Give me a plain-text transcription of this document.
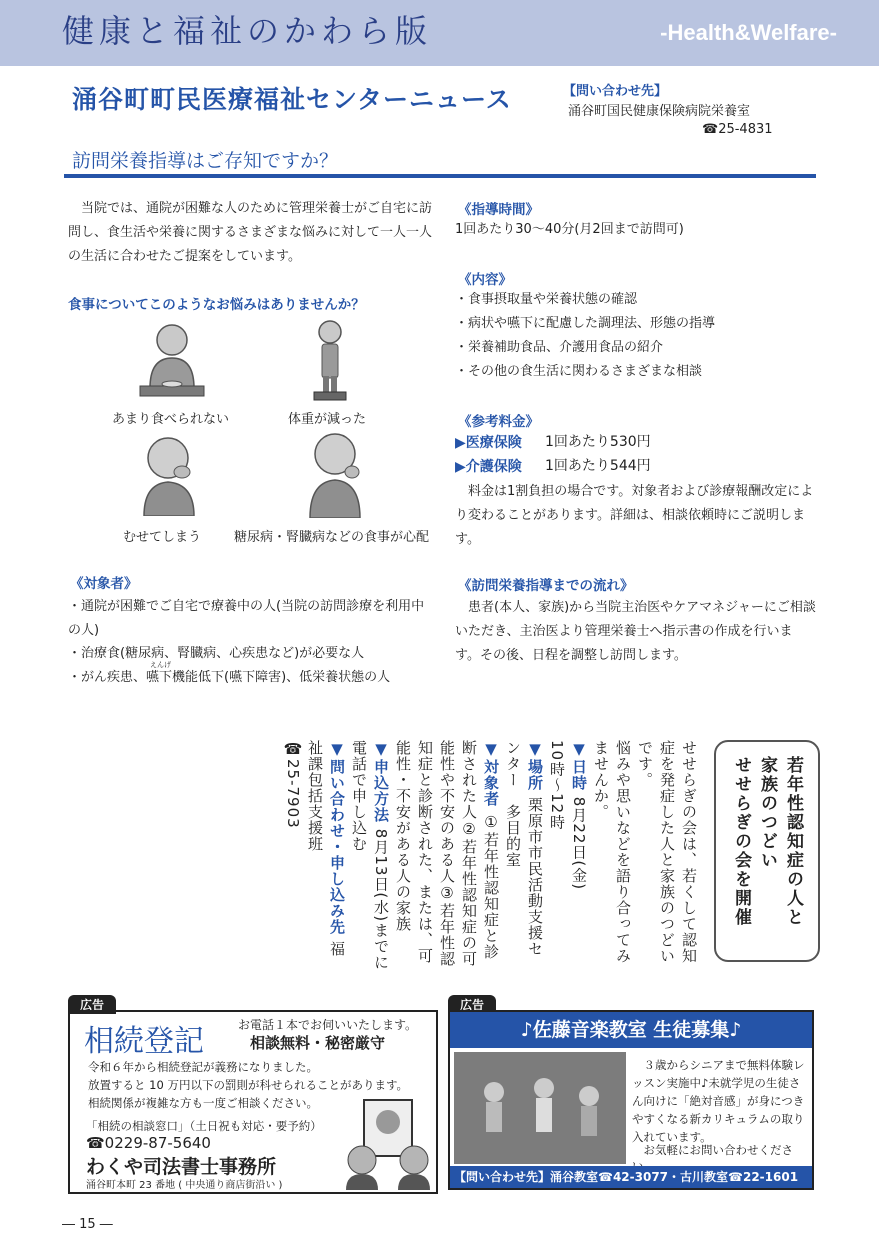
健康と福祉のかわら版	-Health&Welfare-
涌谷町町民医療福祉センターニュース	【問い合わせ先】
涌谷町国民健康保険病院栄養室
☎25-4831
訪問栄養指導はご存知ですか？

　当院では、通院が困難な人のために管理栄養士がご自宅に訪問し、食生活や栄養に関するさまざまな悩みに対して一人一人の生活に合わせたご提案をしています。

食事についてこのようなお悩みはありませんか？
あまり食べられない	体重が減った
むせてしまう	糖尿病・腎臓病などの食事が心配
《対象者》
・通院が困難でご自宅で療養中の人(当院の訪問診療を利用中の人)
・治療食(糖尿病、腎臓病、心疾患など)が必要な人
えんげ
・がん疾患、嚥下機能低下(嚥下障害)、低栄養状態の人
《指導時間》
1回あたり30～40分(月2回まで訪問可)
《内容》
・食事摂取量や栄養状態の確認
・病状や嚥下に配慮した調理法、形態の指導
・栄養補助食品、介護用食品の紹介
・その他の食生活に関わるさまざまな相談
《参考料金》
▶医療保険 1回あたり530円
▶介護保険 1回あたり544円

　料金は1割負担の場合です。対象者および診療報酬改定により変わることがあります。詳細は、相談依頼時にご説明します。

《訪問栄養指導までの流れ》

　患者(本人、家族)から当院主治医やケアマネジャーにご相談いただき、主治医より管理栄養士へ指示書の作成を行います。その後、日程を調整し訪問します。

若年性認知症の人と
家族のつどい
せせらぎの会を開催
せせらぎの会は、若くして認知症を発症した人と家族のつどいです。
悩みや思いなどを語り合ってみませんか。
▼日時 8月22日(金)
10時～12時
▼場所 栗原市市民活動支援センター　多目的室
▼対象者 ①若年性認知症と診断された人②若年性認知症の可能性や不安のある人③若年性認知症と診断された、または、可能性・不安がある人の家族
▼申込方法 8月13日(水)までに電話で申し込む
▼問い合わせ・申し込み先 福祉課包括支援班
☎25-7903
広告
相続登記	お電話１本でお伺いいたします。
相談無料・秘密厳守
令和６年から相続登記が義務になりました。
放置すると 10 万円以下の罰則が科せられることがあります。
相続関係が複雑な方も一度ご相談ください。
「相続の相談窓口」（土日祝も対応・要予約）
☎0229-87-5640
わくや司法書士事務所
涌谷町本町 23 番地 ( 中央通り商店街沿い )
広告
♪佐藤音楽教室 生徒募集♪
　３歳からシニアまで無料体験レッスン実施中♪未就学児の生徒さん向けに「絶対音感」が身につきやすくなる新カリキュラムの取り入れています。
　お気軽にお問い合わせくださ
【問い合わせ先】涌谷教室☎42-3077・古川教室☎22-1601
― 15 ―
